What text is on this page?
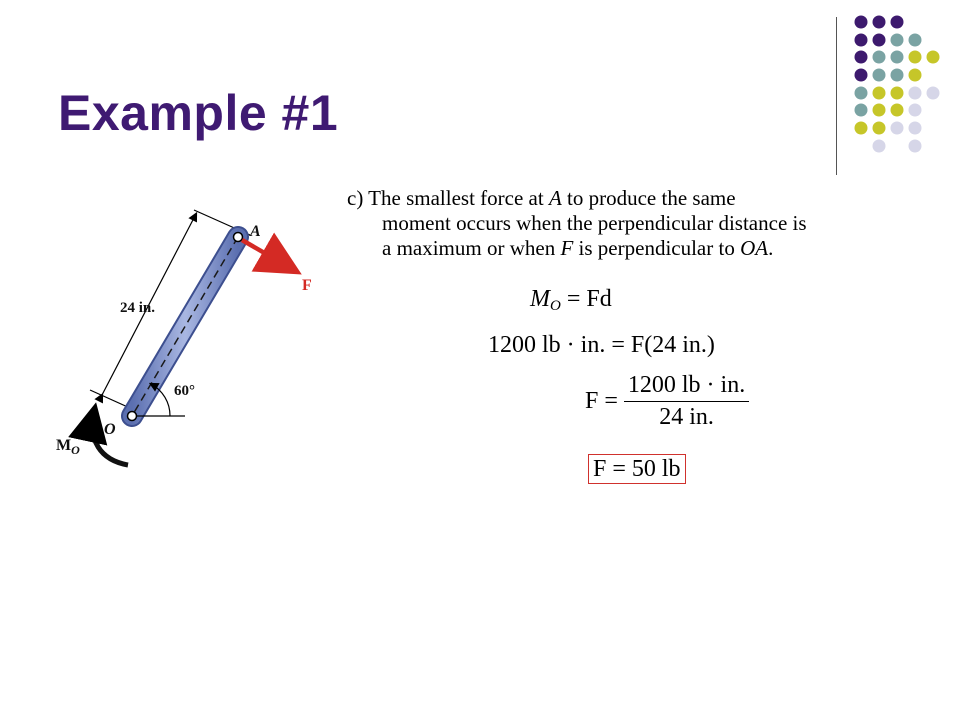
Example #1
A
F
24 in.
60°
O
$M_O$
c) The smallest force at A to produce the same
moment occurs when the perpendicular distance is
a maximum or when F is perpendicular to OA.
$M_O = Fd$
1200 lb · in. = F(24 in.)
$F = \frac{1200 lb \cdot in.}{24 in.}$
F = 50 lb
